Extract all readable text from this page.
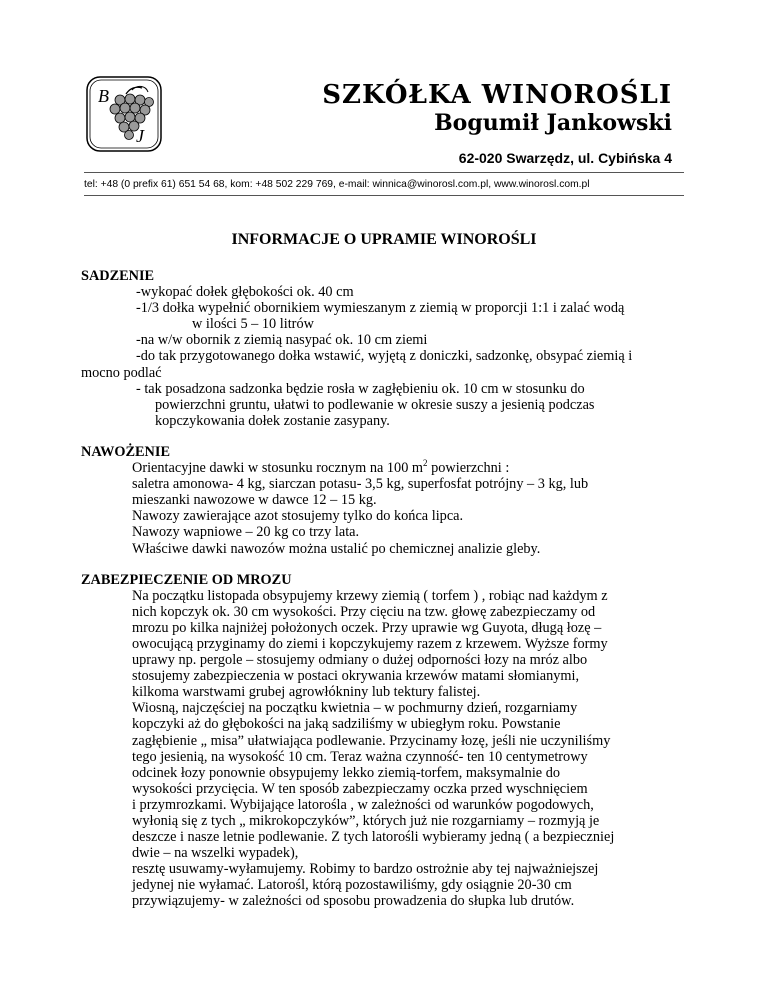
B
J
SZKÓŁKA WINOROŚLI
Bogumił Jankowski
62-020 Swarzędz, ul. Cybińska 4
tel: +48 (0 prefix 61) 651 54 68, kom: +48 502 229 769, e-mail: winnica@winorosl.com.pl, www.winorosl.com.pl
INFORMACJE O UPRAMIE WINOROŚLI

SADZENIE

-wykopać dołek głębokości ok. 40 cm

-1/3 dołka wypełnić obornikiem wymieszanym z ziemią w proporcji 1:1 i zalać wodą

w ilości 5 – 10 litrów

-na w/w obornik z ziemią nasypać ok. 10 cm ziemi

-do tak przygotowanego dołka wstawić, wyjętą z doniczki, sadzonkę, obsypać ziemią i

mocno podlać

- tak posadzona sadzonka będzie rosła w zagłębieniu ok. 10 cm w stosunku do

powierzchni gruntu, ułatwi to podlewanie w okresie suszy a jesienią podczas

kopczykowania dołek zostanie zasypany.

NAWOŻENIE

Orientacyjne dawki w stosunku rocznym na 100 $m^2$ powierzchni :

saletra amonowa- 4 kg, siarczan potasu- 3,5 kg, superfosfat potrójny – 3 kg, lub

mieszanki nawozowe w dawce 12 – 15 kg.

Nawozy zawierające azot stosujemy tylko do końca lipca.

Nawozy wapniowe – 20 kg co trzy lata.

Właściwe dawki nawozów można ustalić po chemicznej analizie gleby.

ZABEZPIECZENIE OD MROZU

Na początku listopada obsypujemy krzewy ziemią ( torfem ) , robiąc nad każdym z

nich kopczyk ok. 30 cm wysokości. Przy cięciu na tzw. głowę zabezpieczamy od

mrozu po kilka najniżej położonych oczek. Przy uprawie wg Guyota, długą łozę –

owocującą przyginamy do ziemi i kopczykujemy razem z krzewem. Wyższe formy

uprawy np. pergole – stosujemy odmiany o dużej odporności łozy na mróz albo

stosujemy zabezpieczenia w postaci okrywania krzewów matami słomianymi,

kilkoma warstwami grubej agrowłókniny lub tektury falistej.

Wiosną, najczęściej na początku kwietnia – w pochmurny dzień, rozgarniamy

kopczyki aż do głębokości na jaką sadziliśmy w ubiegłym roku. Powstanie

zagłębienie „ misa” ułatwiająca podlewanie. Przycinamy łozę, jeśli nie uczyniliśmy

tego jesienią, na wysokość 10 cm. Teraz ważna czynność- ten 10 centymetrowy

odcinek łozy ponownie obsypujemy lekko ziemią-torfem, maksymalnie do

wysokości przycięcia. W ten sposób zabezpieczamy oczka przed wyschnięciem

i przymrozkami. Wybijające latorośla , w zależności od warunków pogodowych,

wyłonią się z tych „ mikrokopczyków”, których już nie rozgarniamy – rozmyją je

deszcze i nasze letnie podlewanie. Z tych latorośli wybieramy jedną ( a bezpieczniej

dwie – na wszelki wypadek),

resztę usuwamy-wyłamujemy. Robimy to bardzo ostrożnie aby tej najważniejszej

jedynej nie wyłamać. Latorośl, którą pozostawiliśmy, gdy osiągnie 20-30 cm

przywiązujemy- w zależności od sposobu prowadzenia do słupka lub drutów.
